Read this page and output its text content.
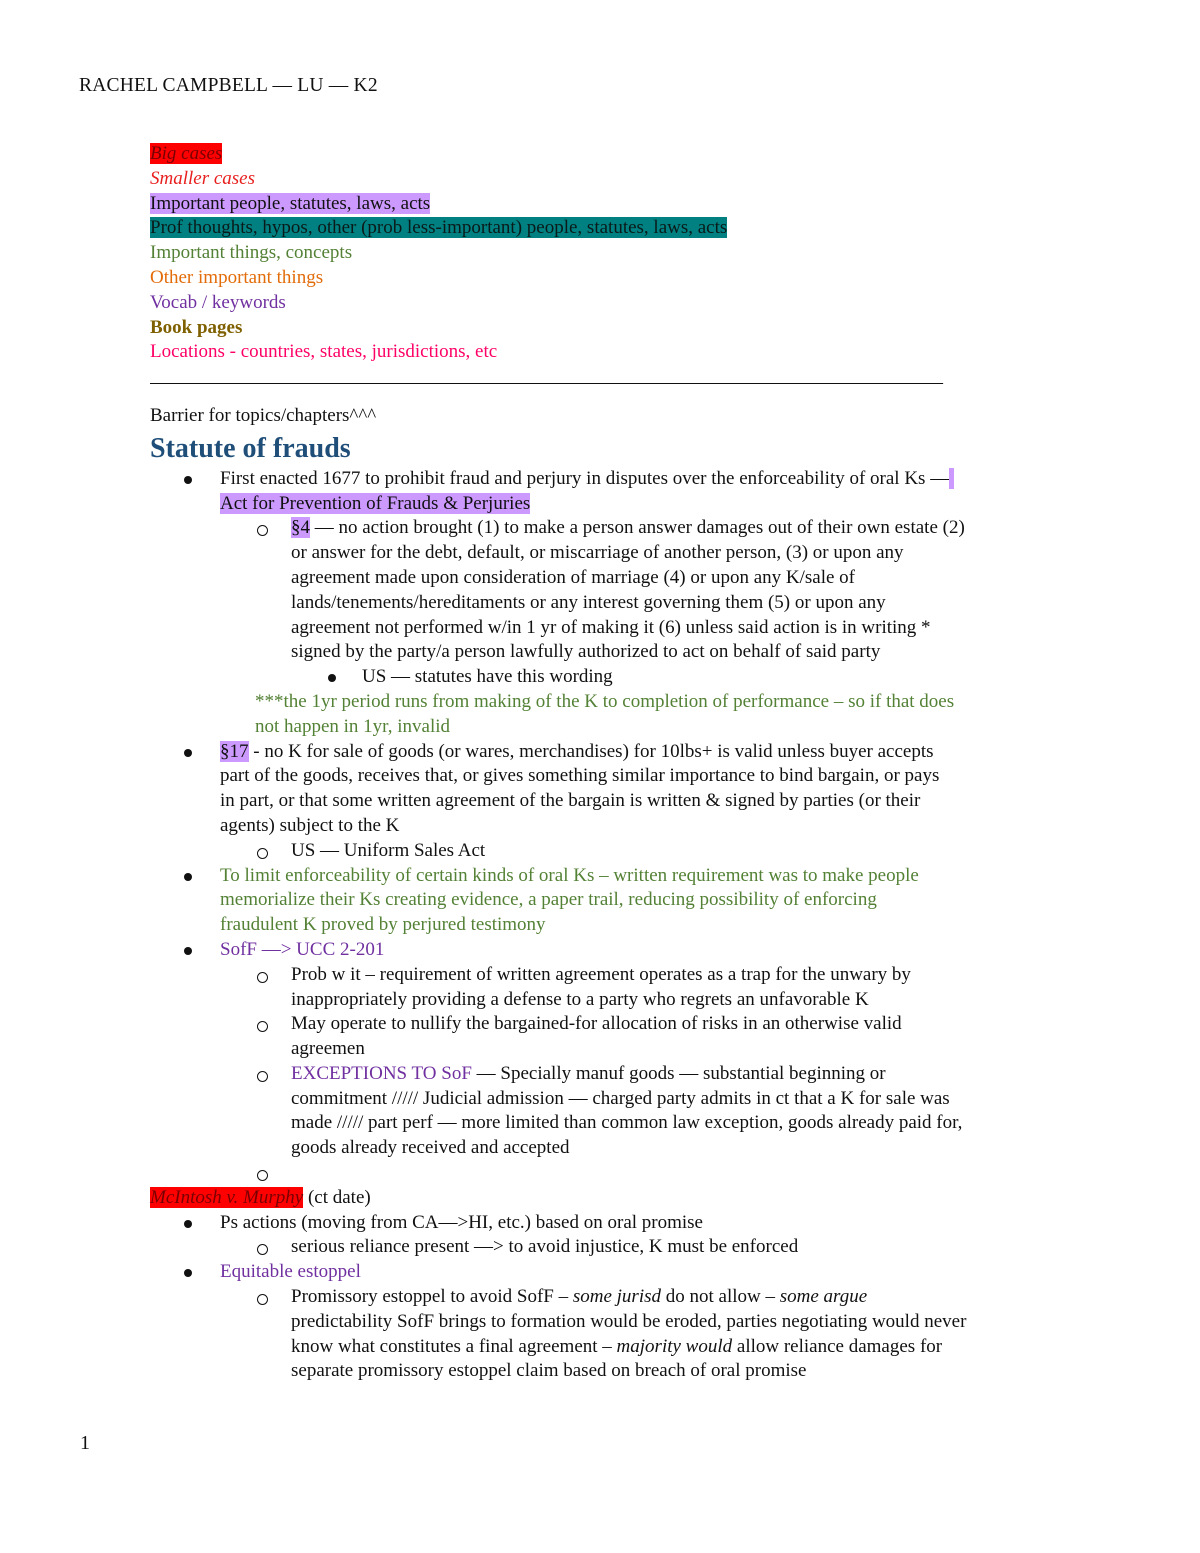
RACHEL CAMPBELL — LU — K2
Big cases
Smaller cases
Important people, statutes, laws, acts
Prof thoughts, hypos, other (prob less-important) people, statutes, laws, acts
Important things, concepts
Other important things
Vocab / keywords
Book pages
Locations - countries, states, jurisdictions, etc
————————————————————————————————————————————
Barrier for topics/chapters^^^
Statute of frauds
First enacted 1677 to prohibit fraud and perjury in disputes over the enforceability of oral Ks —
Act for Prevention of Frauds & Perjuries
§4 — no action brought (1) to make a person answer damages out of their own estate (2)
or answer for the debt, default, or miscarriage of another person, (3) or upon any
agreement made upon consideration of marriage (4) or upon any K/sale of
lands/tenements/hereditaments or any interest governing them (5) or upon any
agreement not performed w/in 1 yr of making it (6) unless said action is in writing *
signed by the party/a person lawfully authorized to act on behalf of said party
US — statutes have this wording
***the 1yr period runs from making of the K to completion of performance – so if that does
not happen in 1yr, invalid
§17 - no K for sale of goods (or wares, merchandises) for 10lbs+ is valid unless buyer accepts
part of the goods, receives that, or gives something similar importance to bind bargain, or pays
in part, or that some written agreement of the bargain is written & signed by parties (or their
agents) subject to the K
US — Uniform Sales Act
To limit enforceability of certain kinds of oral Ks – written requirement was to make people
memorialize their Ks creating evidence, a paper trail, reducing possibility of enforcing
fraudulent K proved by perjured testimony
SofF —> UCC 2-201
Prob w it – requirement of written agreement operates as a trap for the unwary by
inappropriately providing a defense to a party who regrets an unfavorable K
May operate to nullify the bargained-for allocation of risks in an otherwise valid
agreemen
EXCEPTIONS TO SoF — Specially manuf goods — substantial beginning or
commitment ///// Judicial admission — charged party admits in ct that a K for sale was
made ///// part perf — more limited than common law exception, goods already paid for,
goods already received and accepted

McIntosh v. Murphy (ct date)
Ps actions (moving from CA—>HI, etc.) based on oral promise
serious reliance present —> to avoid injustice, K must be enforced
Equitable estoppel
Promissory estoppel to avoid SofF – some jurisd do not allow – some argue
predictability SofF brings to formation would be eroded, parties negotiating would never
know what constitutes a final agreement – majority would allow reliance damages for
separate promissory estoppel claim based on breach of oral promise
1
